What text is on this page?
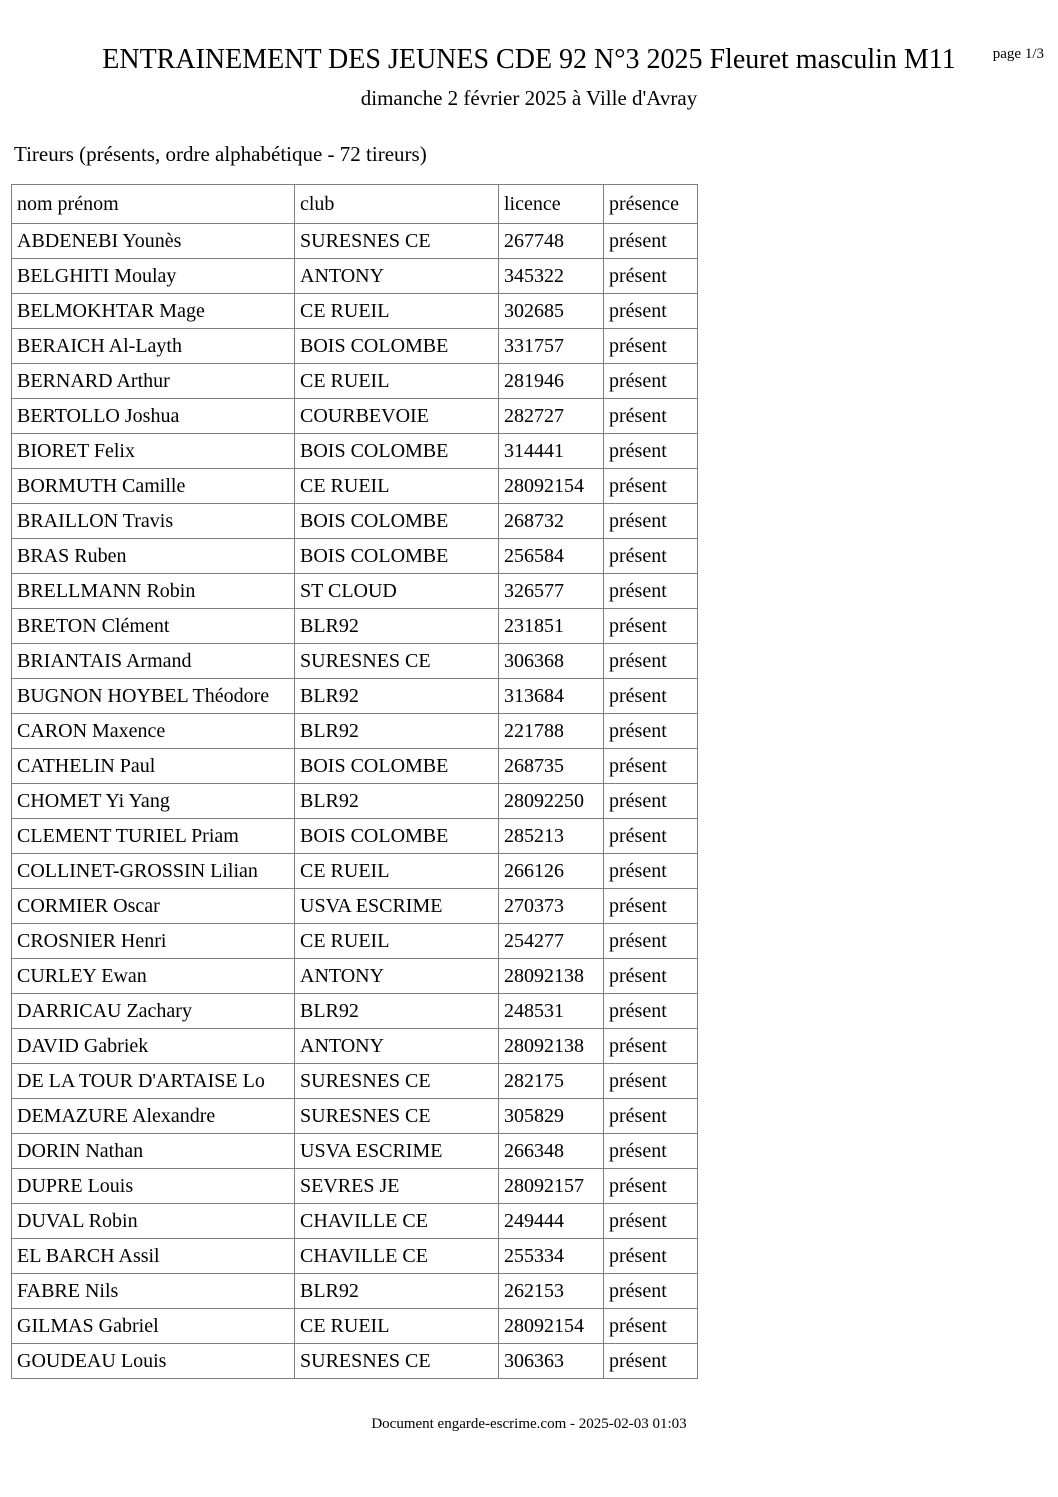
ENTRAINEMENT DES JEUNES CDE 92 N°3 2025 Fleuret masculin M11	page 1/3
dimanche 2 février 2025 à Ville d'Avray
Tireurs (présents, ordre alphabétique - 72 tireurs)
nom prénom	club	licence	présence
ABDENEBI Younès	SURESNES CE	267748	présent
BELGHITI Moulay	ANTONY	345322	présent
BELMOKHTAR Mage	CE RUEIL	302685	présent
BERAICH Al-Layth	BOIS COLOMBE	331757	présent
BERNARD Arthur	CE RUEIL	281946	présent
BERTOLLO Joshua	COURBEVOIE	282727	présent
BIORET Felix	BOIS COLOMBE	314441	présent
BORMUTH Camille	CE RUEIL	28092154	présent
BRAILLON Travis	BOIS COLOMBE	268732	présent
BRAS Ruben	BOIS COLOMBE	256584	présent
BRELLMANN Robin	ST CLOUD	326577	présent
BRETON Clément	BLR92	231851	présent
BRIANTAIS Armand	SURESNES CE	306368	présent
BUGNON HOYBEL Théodore	BLR92	313684	présent
CARON Maxence	BLR92	221788	présent
CATHELIN Paul	BOIS COLOMBE	268735	présent
CHOMET Yi Yang	BLR92	28092250	présent
CLEMENT TURIEL Priam	BOIS COLOMBE	285213	présent
COLLINET-GROSSIN Lilian	CE RUEIL	266126	présent
CORMIER Oscar	USVA ESCRIME	270373	présent
CROSNIER Henri	CE RUEIL	254277	présent
CURLEY Ewan	ANTONY	28092138	présent
DARRICAU Zachary	BLR92	248531	présent
DAVID Gabriek	ANTONY	28092138	présent
DE LA TOUR D'ARTAISE Lo	SURESNES CE	282175	présent
DEMAZURE Alexandre	SURESNES CE	305829	présent
DORIN Nathan	USVA ESCRIME	266348	présent
DUPRE Louis	SEVRES JE	28092157	présent
DUVAL Robin	CHAVILLE CE	249444	présent
EL BARCH Assil	CHAVILLE CE	255334	présent
FABRE Nils	BLR92	262153	présent
GILMAS Gabriel	CE RUEIL	28092154	présent
GOUDEAU Louis	SURESNES CE	306363	présent
Document engarde-escrime.com - 2025-02-03 01:03
